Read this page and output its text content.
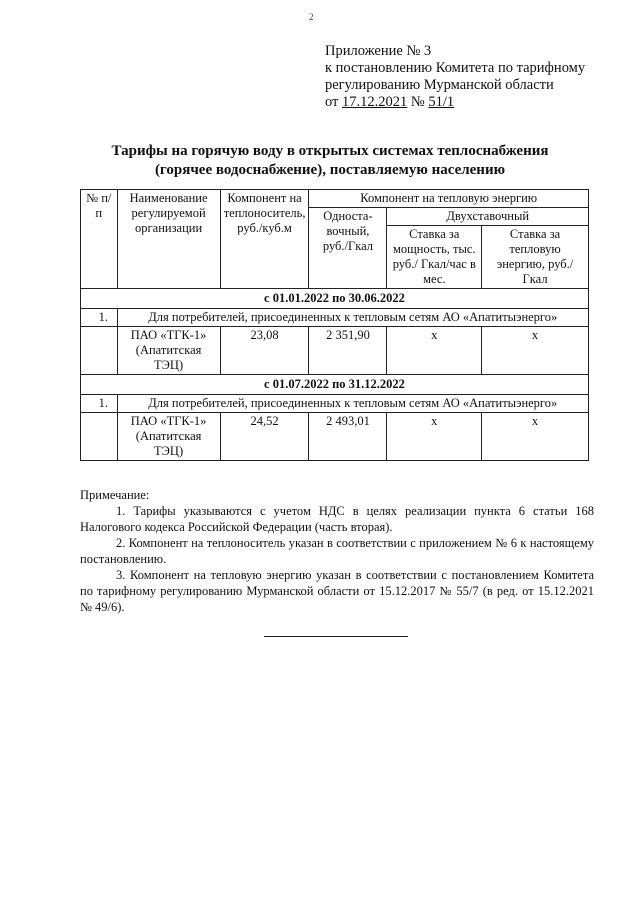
2
Приложение № 3
к постановлению Комитета по тарифному
регулированию Мурманской области
от 17.12.2021 № 51/1
Тарифы на горячую воду в открытых системах теплоснабжения
(горячее водоснабжение), поставляемую населению
№ п/п	Наименование регулируемой организации	Компонент на теплоноситель, руб./куб.м	Компонент на тепловую энергию		
			Односта-вочный, руб./Гкал	Двухставочный	
				Ставка за мощность, тыс. руб./ Гкал/час в мес.	Ставка за тепловую энергию, руб./Гкал
с 01.01.2022 по 30.06.2022					
1.	Для потребителей, присоединенных к тепловым сетям АО «Апатитыэнерго»				
	ПАО «ТГК-1» (Апатитская ТЭЦ)	23,08	2 351,90	x	x
с 01.07.2022 по 31.12.2022					
1.	Для потребителей, присоединенных к тепловым сетям АО «Апатитыэнерго»				
	ПАО «ТГК-1» (Апатитская ТЭЦ)	24,52	2 493,01	x	x

Примечание:

1. Тарифы указываются с учетом НДС в целях реализации пункта 6 статьи 168 Налогового кодекса Российской Федерации (часть вторая).

2. Компонент на теплоноситель указан в соответствии с приложением № 6 к настоящему постановлению.

3. Компонент на тепловую энергию указан в соответствии с постановлением Комитета по тарифному регулированию Мурманской области от 15.12.2017 № 55/7 (в ред. от 15.12.2021 № 49/6).
